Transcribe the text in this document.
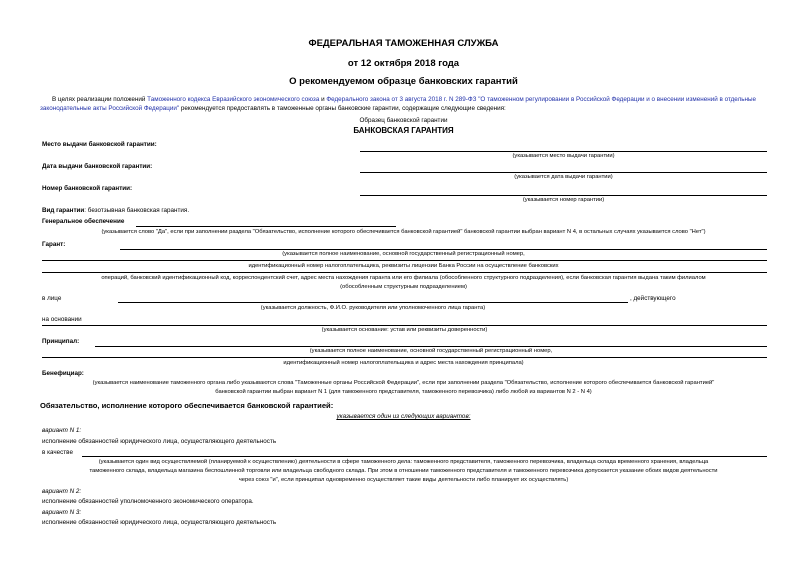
ФЕДЕРАЛЬНАЯ ТАМОЖЕННАЯ СЛУЖБА
от 12 октября 2018 года
О рекомендуемом образце банковских гарантий
В целях реализации положений Таможенного кодекса Евразийского экономического союза и Федерального закона от 3 августа 2018 г. N 289-ФЗ "О таможенном регулировании в Российской Федерации и о внесении изменений в отдельные законодательные акты Российской Федерации" рекомендуется предоставлять в таможенные органы банковские гарантии, содержащие следующие сведения:
Образец банковской гарантии
БАНКОВСКАЯ ГАРАНТИЯ
Место выдачи банковской гарантии:
(указывается место выдачи гарантии)
Дата выдачи банковской гарантии:
(указывается дата выдачи гарантии)
Номер банковской гарантии:
(указывается номер гарантии)
Вид гарантии: безотзывная банковская гарантия.
Генеральное обеспечение
(указывается слово "Да", если при заполнении раздела "Обязательство, исполнение которого обеспечивается банковской гарантией" банковской гарантии выбран вариант N 4, в остальных случаях указывается слово "Нет")
Гарант:
(указывается полное наименование, основной государственный регистрационный номер,
идентификационный номер налогоплательщика, реквизиты лицензии Банка России на осуществление банковских
операций, банковский идентификационный код, корреспондентский счет, адрес места нахождения гаранта или его филиала (обособленного структурного подразделения), если банковская гарантия выдана таким филиалом
(обособленным структурным подразделением)
в лице	, действующего
(указывается должность, Ф.И.О. руководителя или уполномоченного лица гаранта)
на основании
(указывается основание: устав или реквизиты доверенности)
Принципал:
(указывается полное наименование, основной государственный регистрационный номер,
идентификационный номер налогоплательщика и адрес места нахождения принципала)
Бенефициар:
(указывается наименование таможенного органа либо указываются слова "Таможенные органы Российской Федерации", если при заполнении раздела "Обязательство, исполнение которого обеспечивается банковской гарантией"
банковской гарантии выбран вариант N 1 (для таможенного представителя, таможенного перевозчика) либо любой из вариантов N 2 - N 4)
Обязательство, исполнение которого обеспечивается банковской гарантией:
указывается один из следующих вариантов:
вариант N 1:
исполнение обязанностей юридического лица, осуществляющего деятельность
в качестве
(указывается один вид осуществляемой (планируемой к осуществлению) деятельности в сфере таможенного дела: таможенного представителя, таможенного перевозчика, владельца склада временного хранения, владельца
таможенного склада, владельца магазина беспошлинной торговли или владельца свободного склада. При этом в отношении таможенного представителя и таможенного перевозчика допускается указание обоих видов деятельности
через союз "и", если принципал одновременно осуществляет такие виды деятельности либо планирует их осуществлять)
вариант N 2:
исполнение обязанностей уполномоченного экономического оператора.
вариант N 3:
исполнение обязанностей юридического лица, осуществляющего деятельность
